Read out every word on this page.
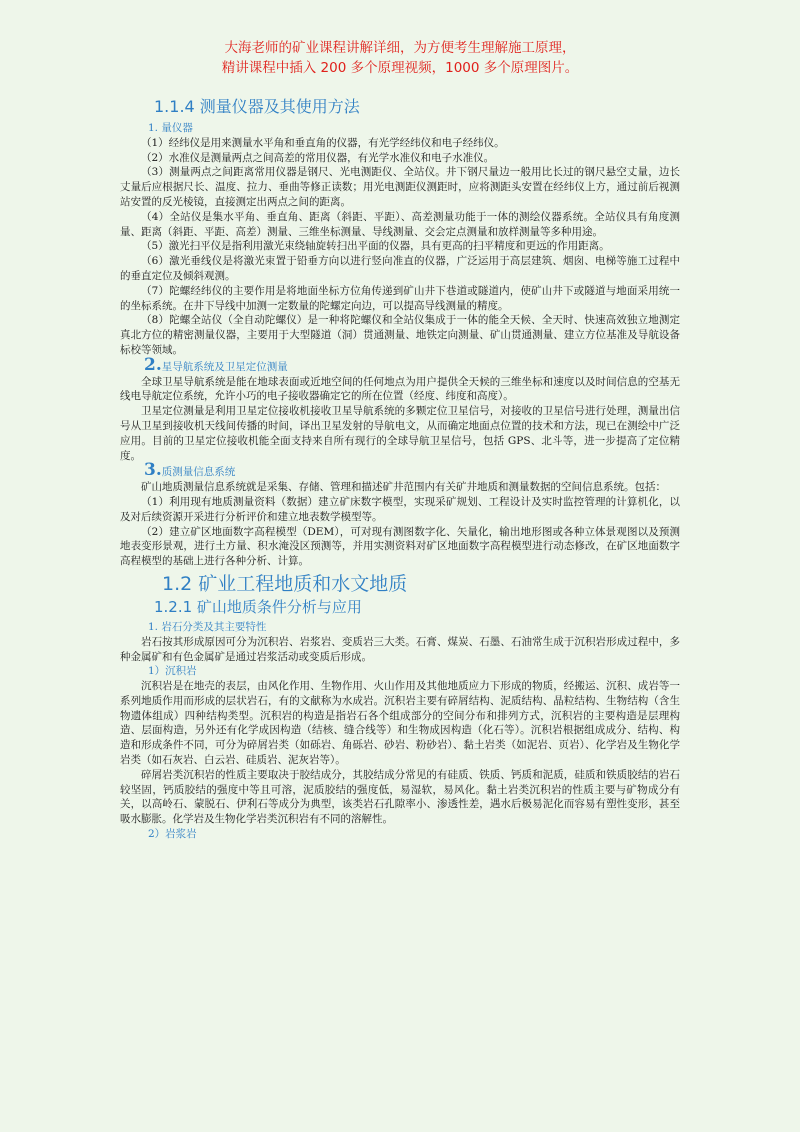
大海老师的矿业课程讲解详细，为方便考生理解施工原理，
精讲课程中插入 200 多个原理视频，1000 多个原理图片。
1.1.4 测量仪器及其使用方法
1. 量仪器

（1）经纬仪是用来测量水平角和垂直角的仪器，有光学经纬仪和电子经纬仪。

（2）水准仪是测量两点之间高差的常用仪器，有光学水准仪和电子水准仪。

（3）测量两点之间距离常用仪器是钢尺、光电测距仪、全站仪。井下钢尺量边一般用比长过的钢尺悬空丈量，边长丈量后应根据尺长、温度、拉力、垂曲等修正读数；用光电测距仪测距时，应将测距头安置在经纬仪上方，通过前后视测站安置的反光棱镜，直接测定出两点之间的距离。

（4）全站仪是集水平角、垂直角、距离（斜距、平距）、高差测量功能于一体的测绘仪器系统。全站仪具有角度测量、距离（斜距、平距、高差）测量、三维坐标测量、导线测量、交会定点测量和放样测量等多种用途。

（5）激光扫平仪是指利用激光束绕轴旋转扫出平面的仪器，具有更高的扫平精度和更远的作用距离。

（6）激光垂线仪是将激光束置于铅垂方向以进行竖向准直的仪器，广泛运用于高层建筑、烟囱、电梯等施工过程中的垂直定位及倾斜观测。

（7）陀螺经纬仪的主要作用是将地面坐标方位角传递到矿山井下巷道或隧道内，使矿山井下或隧道与地面采用统一的坐标系统。在井下导线中加测一定数量的陀螺定向边，可以提高导线测量的精度。

（8）陀螺全站仪（全自动陀螺仪）是一种将陀螺仪和全站仪集成于一体的能全天候、全天时、快速高效独立地测定真北方位的精密测量仪器，主要用于大型隧道（洞）贯通测量、地铁定向测量、矿山贯通测量、建立方位基准及导航设备标校等领域。

2.星导航系统及卫星定位测量

全球卫星导航系统是能在地球表面或近地空间的任何地点为用户提供全天候的三维坐标和速度以及时间信息的空基无线电导航定位系统，允许小巧的电子接收器确定它的所在位置（经度、纬度和高度）。

卫星定位测量是利用卫星定位接收机接收卫星导航系统的多颗定位卫星信号，对接收的卫星信号进行处理，测量出信号从卫星到接收机天线间传播的时间，译出卫星发射的导航电文，从而确定地面点位置的技术和方法，现已在测绘中广泛应用。目前的卫星定位接收机能全面支持来自所有现行的全球导航卫星信号，包括 GPS、北斗等，进一步提高了定位精度。

3.质测量信息系统

矿山地质测量信息系统就是采集、存储、管理和描述矿井范围内有关矿井地质和测量数据的空间信息系统。包括：

（1）利用现有地质测量资料（数据）建立矿床数字模型，实现采矿规划、工程设计及实时监控管理的计算机化，以及对后续资源开采进行分析评价和建立地表数学模型等。

（2）建立矿区地面数字高程模型（DEM），可对现有测图数字化、矢量化，输出地形图或各种立体景观图以及预测地表变形景观，进行土方量、积水淹没区预测等，并用实测资料对矿区地面数字高程模型进行动态修改，在矿区地面数字高程模型的基础上进行各种分析、计算。

1.2 矿业工程地质和水文地质
1.2.1 矿山地质条件分析与应用
1. 岩石分类及其主要特性

岩石按其形成原因可分为沉积岩、岩浆岩、变质岩三大类。石膏、煤炭、石墨、石油常生成于沉积岩形成过程中，多种金属矿和有色金属矿是通过岩浆活动或变质后形成。

1）沉积岩

沉积岩是在地壳的表层，由风化作用、生物作用、火山作用及其他地质应力下形成的物质，经搬运、沉积、成岩等一系列地质作用而形成的层状岩石，有的文献称为水成岩。沉积岩主要有碎屑结构、泥质结构、晶粒结构、生物结构（含生物遗体组成）四种结构类型。沉积岩的构造是指岩石各个组成部分的空间分布和排列方式，沉积岩的主要构造是层理构造、层面构造，另外还有化学成因构造（结核、缝合线等）和生物成因构造（化石等）。沉积岩根据组成成分、结构、构造和形成条件不同，可分为碎屑岩类（如砾岩、角砾岩、砂岩、粉砂岩）、黏土岩类（如泥岩、页岩）、化学岩及生物化学岩类（如石灰岩、白云岩、硅质岩、泥灰岩等）。

碎屑岩类沉积岩的性质主要取决于胶结成分，其胶结成分常见的有硅质、铁质、钙质和泥质，硅质和铁质胶结的岩石较坚固，钙质胶结的强度中等且可溶，泥质胶结的强度低，易湿软，易风化。黏土岩类沉积岩的性质主要与矿物成分有关，以高岭石、蒙脱石、伊利石等成分为典型，该类岩石孔隙率小、渗透性差，遇水后极易泥化而容易有塑性变形，甚至吸水膨胀。化学岩及生物化学岩类沉积岩有不同的溶解性。

2）岩浆岩
